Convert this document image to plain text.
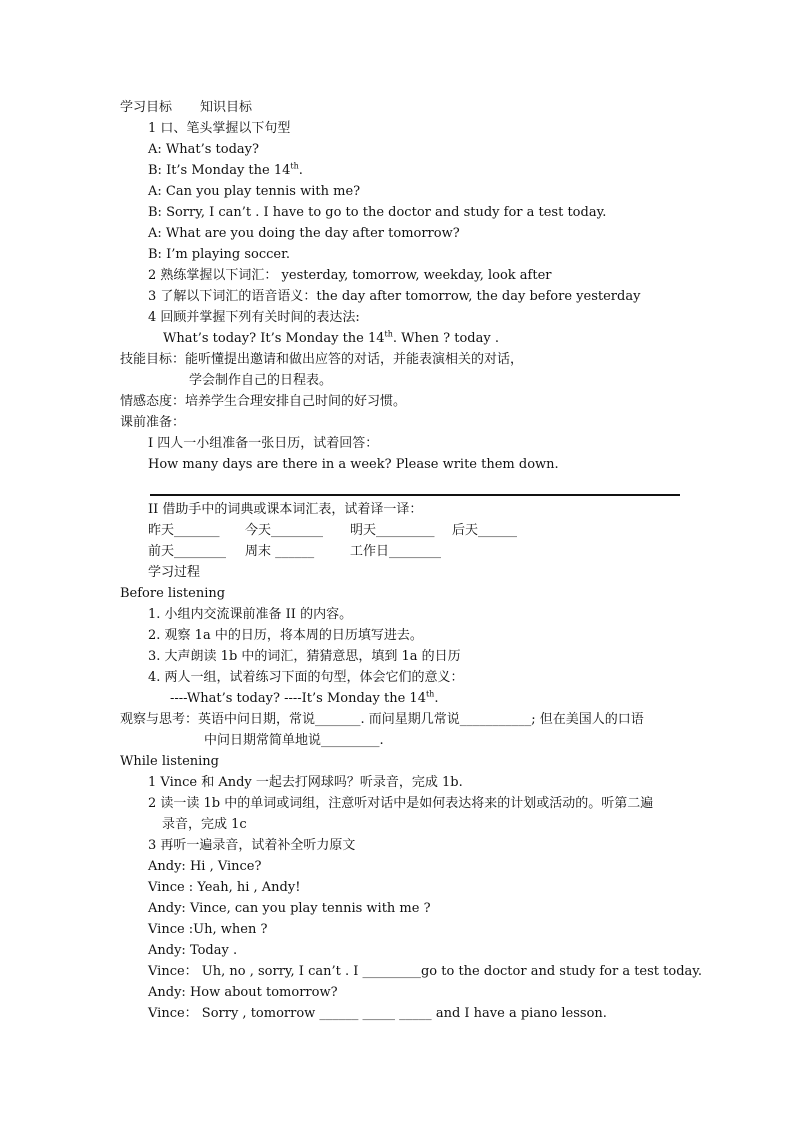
学习目标 知识目标
1 口、笔头掌握以下句型
A: What’s today?
B: It’s Monday the 14th.
A: Can you play tennis with me?
B: Sorry, I can’t . I have to go to the doctor and study for a test today.
A: What are you doing the day after tomorrow?
B: I’m playing soccer.
2 熟练掌握以下词汇： yesterday, tomorrow, weekday, look after
3 了解以下词汇的语音语义：the day after tomorrow, the day before yesterday
4 回顾并掌握下列有关时间的表达法:
What’s today? It’s Monday the 14th. When ? today .
技能目标：能听懂提出邀请和做出应答的对话，并能表演相关的对话，
学会制作自己的日程表。
情感态度：培养学生合理安排自己时间的好习惯。
课前准备：
I 四人一小组准备一张日历，试着回答：
How many days are there in a week? Please write them down.
II 借助手中的词典或课本词汇表，试着译一译：
昨天_______ 今天________ 明天_________ 后天______
前天________ 周末 ______	工作日________
学习过程
Before listening
1. 小组内交流课前准备 II 的内容。
2. 观察 1a 中的日历，将本周的日历填写进去。
3. 大声朗读 1b 中的词汇，猜猜意思，填到 1a 的日历
4. 两人一组，试着练习下面的句型，体会它们的意义：
----What’s today? ----It’s Monday the 14th.
观察与思考：英语中问日期，常说_______. 而问星期几常说___________; 但在美国人的口语
中问日期常简单地说_________.
While listening
1 Vince 和 Andy 一起去打网球吗？听录音，完成 1b.
2 读一读 1b 中的单词或词组，注意听对话中是如何表达将来的计划或活动的。听第二遍
录音，完成 1c
3 再听一遍录音，试着补全听力原文
Andy: Hi , Vince?
Vince : Yeah, hi , Andy!
Andy: Vince, can you play tennis with me ?
Vince :Uh, when ?
Andy: Today .
Vince： Uh, no , sorry, I can’t . I _________go to the doctor and study for a test today.
Andy: How about tomorrow?
Vince： Sorry , tomorrow ______ _____ _____ and I have a piano lesson.
